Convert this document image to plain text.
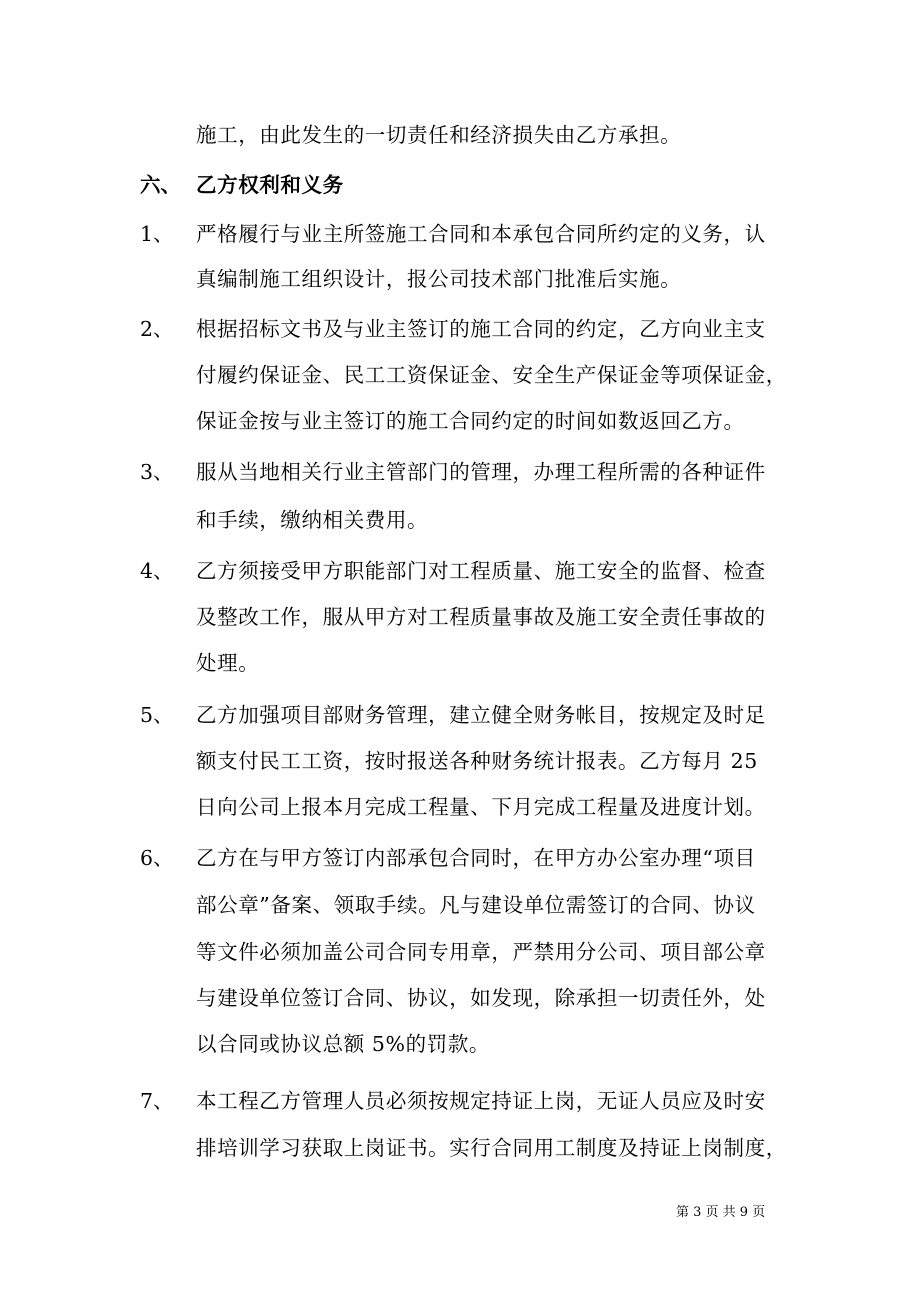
施工，由此发生的一切责任和经济损失由乙方承担。
六、 乙方权利和义务
1、 严格履行与业主所签施工合同和本承包合同所约定的义务，认
真编制施工组织设计，报公司技术部门批准后实施。
2、 根据招标文书及与业主签订的施工合同的约定，乙方向业主支
付履约保证金、民工工资保证金、安全生产保证金等项保证金，
保证金按与业主签订的施工合同约定的时间如数返回乙方。
3、 服从当地相关行业主管部门的管理，办理工程所需的各种证件
和手续，缴纳相关费用。
4、 乙方须接受甲方职能部门对工程质量、施工安全的监督、检查
及整改工作，服从甲方对工程质量事故及施工安全责任事故的
处理。
5、 乙方加强项目部财务管理，建立健全财务帐目，按规定及时足
额支付民工工资，按时报送各种财务统计报表。乙方每月 25
日向公司上报本月完成工程量、下月完成工程量及进度计划。
6、 乙方在与甲方签订内部承包合同时，在甲方办公室办理“项目
部公章”备案、领取手续。凡与建设单位需签订的合同、协议
等文件必须加盖公司合同专用章，严禁用分公司、项目部公章
与建设单位签订合同、协议，如发现，除承担一切责任外，处
以合同或协议总额 5%的罚款。
7、 本工程乙方管理人员必须按规定持证上岗，无证人员应及时安
排培训学习获取上岗证书。实行合同用工制度及持证上岗制度，
第 3 页 共 9 页
